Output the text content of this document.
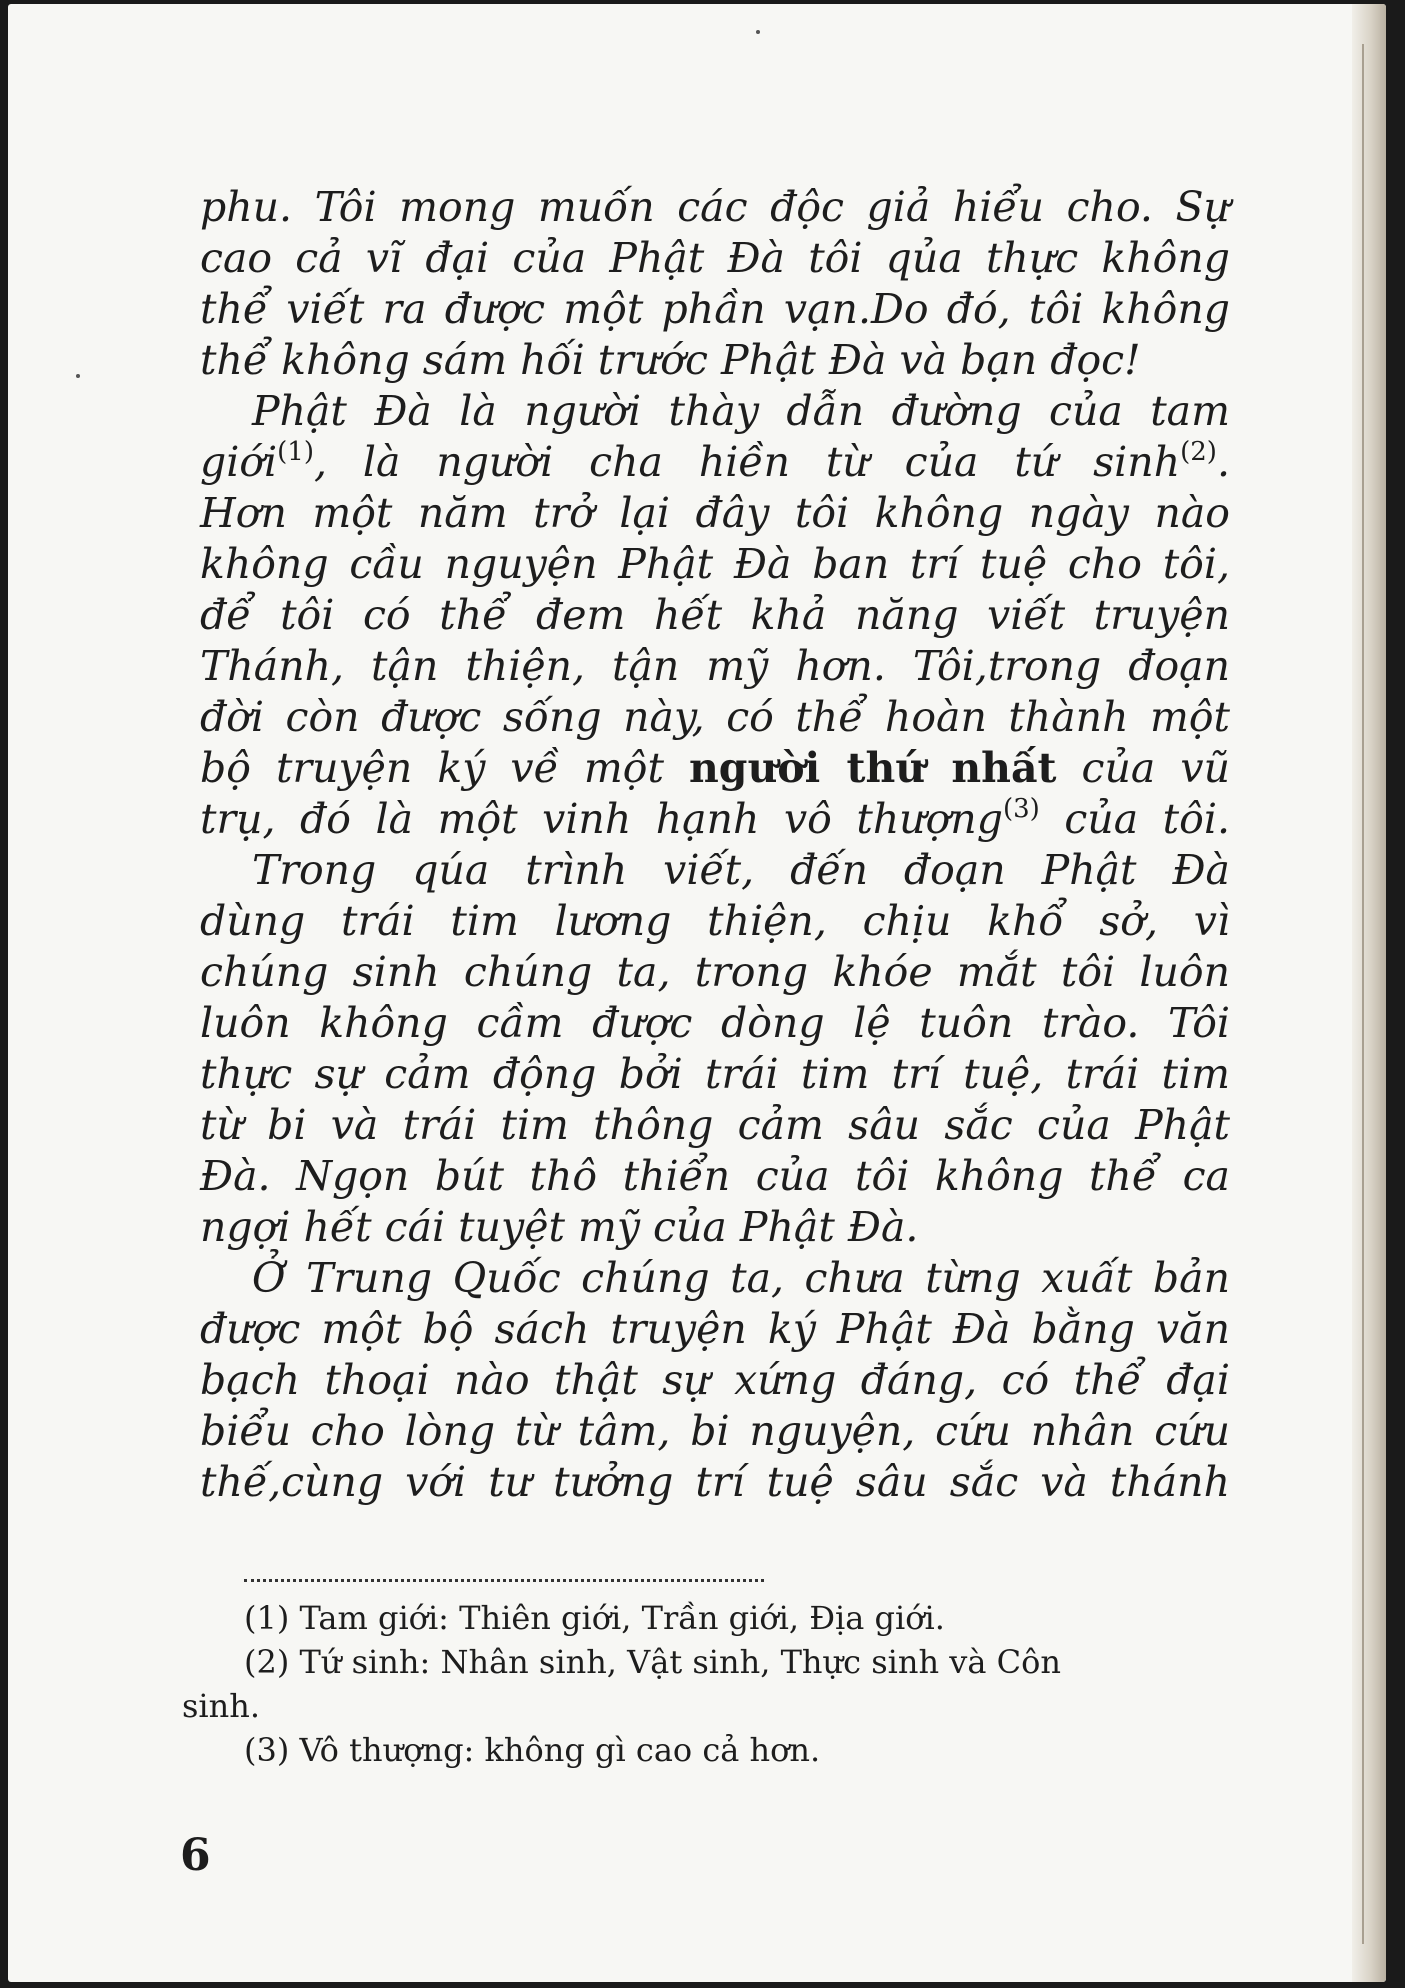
phu. Tôi mong muốn các độc giả hiểu cho. Sự
cao cả vĩ đại của Phật Đà tôi qủa thực không
thể viết ra được một phần vạn.Do đó, tôi không
thể không sám hối trước Phật Đà và bạn đọc!
Phật Đà là người thày dẫn đường của tam
giới$^{(1)}$, là người cha hiền từ của tứ sinh$^{(2)}$.
Hơn một năm trở lại đây tôi không ngày nào
không cầu nguyện Phật Đà ban trí tuệ cho tôi,
để tôi có thể đem hết khả năng viết truyện
Thánh, tận thiện, tận mỹ hơn. Tôi,trong đoạn
đời còn được sống này, có thể hoàn thành một
bộ truyện ký về một người thứ nhất của vũ
trụ, đó là một vinh hạnh vô thượng$^{(3)}$ của tôi.
Trong qúa trình viết, đến đoạn Phật Đà
dùng trái tim lương thiện, chịu khổ sở, vì
chúng sinh chúng ta, trong khóe mắt tôi luôn
luôn không cầm được dòng lệ tuôn trào. Tôi
thực sự cảm động bởi trái tim trí tuệ, trái tim
từ bi và trái tim thông cảm sâu sắc của Phật
Đà. Ngọn bút thô thiển của tôi không thể ca
ngợi hết cái tuyệt mỹ của Phật Đà.
Ở Trung Quốc chúng ta, chưa từng xuất bản
được một bộ sách truyện ký Phật Đà bằng văn
bạch thoại nào thật sự xứng đáng, có thể đại
biểu cho lòng từ tâm, bi nguyện, cứu nhân cứu
thế,cùng với tư tưởng trí tuệ sâu sắc và thánh
(1) Tam giới: Thiên giới, Trần giới, Địa giới.
(2) Tứ sinh: Nhân sinh, Vật sinh, Thực sinh và Côn
sinh.
(3) Vô thượng: không gì cao cả hơn.
6
